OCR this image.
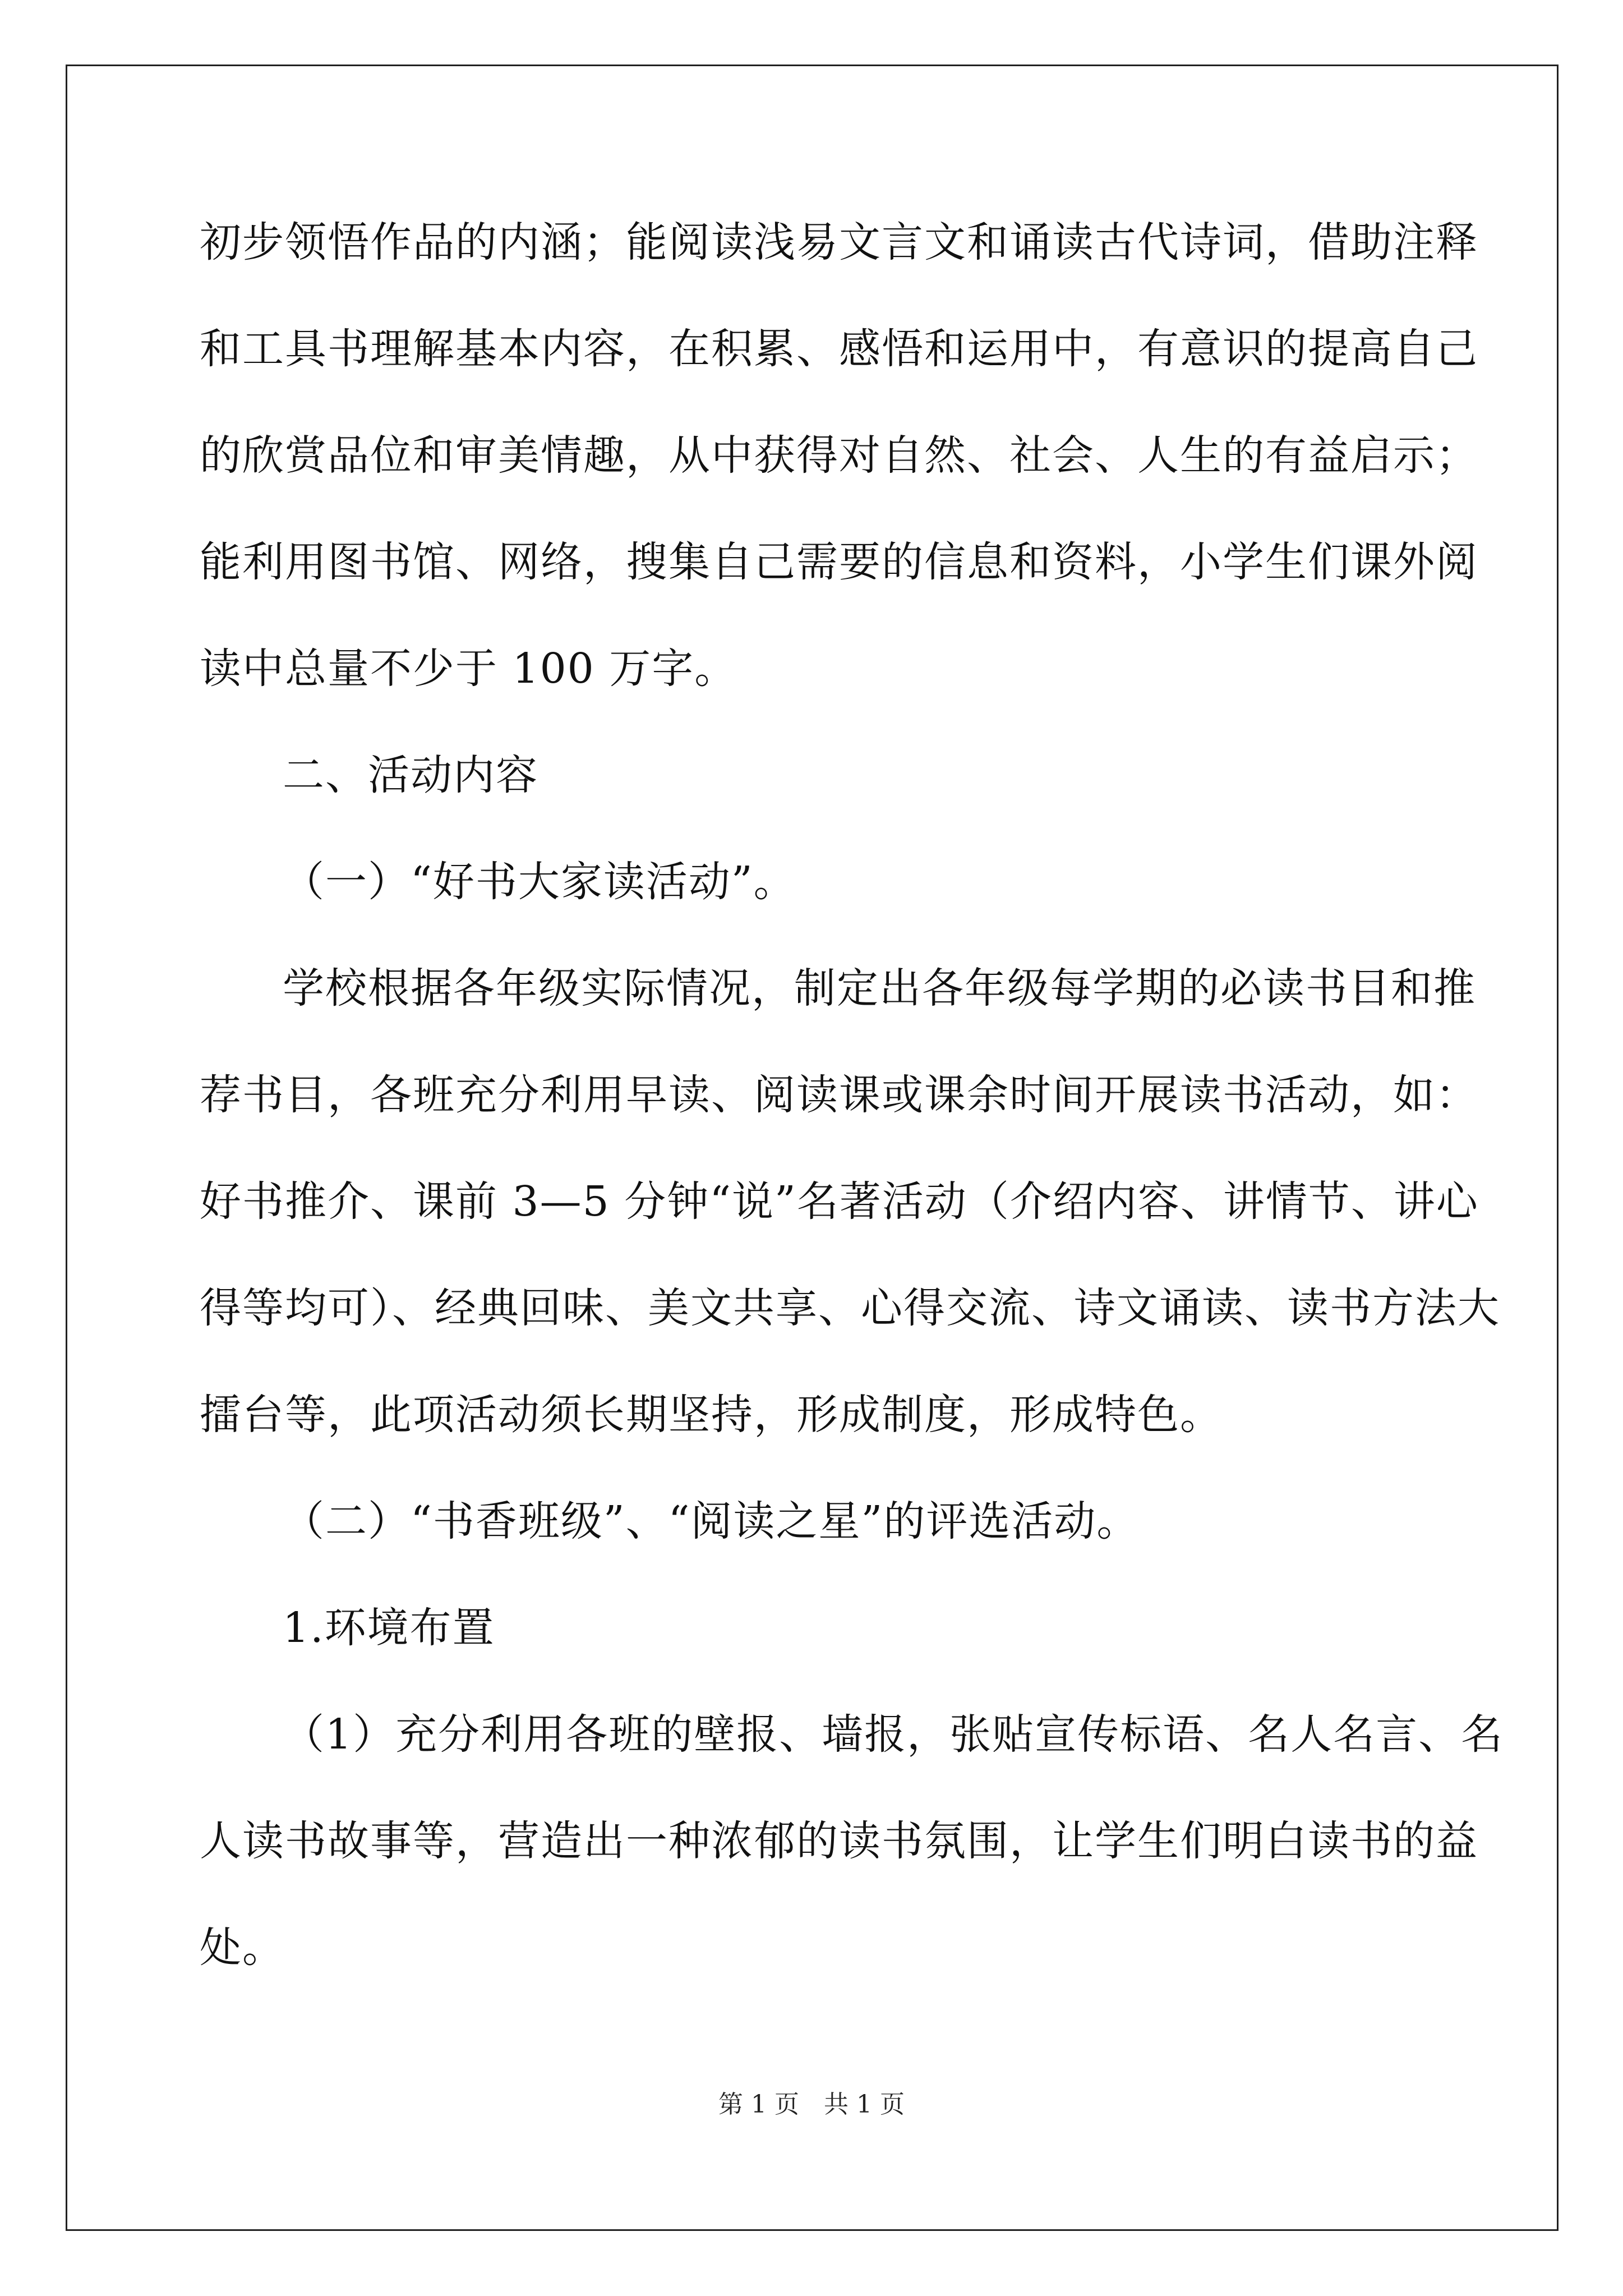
初步领悟作品的内涵；能阅读浅易文言文和诵读古代诗词，借助注释
和工具书理解基本内容，在积累、感悟和运用中，有意识的提高自己
的欣赏品位和审美情趣，从中获得对自然、社会、人生的有益启示；
能利用图书馆、网络，搜集自己需要的信息和资料，小学生们课外阅
读中总量不少于 100 万字。
二、活动内容
（一）“好书大家读活动”。
学校根据各年级实际情况，制定出各年级每学期的必读书目和推
荐书目，各班充分利用早读、阅读课或课余时间开展读书活动，如：
好书推介、课前 3—5 分钟“说”名著活动（介绍内容、讲情节、讲心
得等均可）、经典回味、美文共享、心得交流、诗文诵读、读书方法大
擂台等，此项活动须长期坚持，形成制度，形成特色。
（二）“书香班级”、“阅读之星”的评选活动。
1.环境布置
（1）充分利用各班的壁报、墙报，张贴宣传标语、名人名言、名
人读书故事等，营造出一种浓郁的读书氛围，让学生们明白读书的益
处。
第 1 页　共 1 页
